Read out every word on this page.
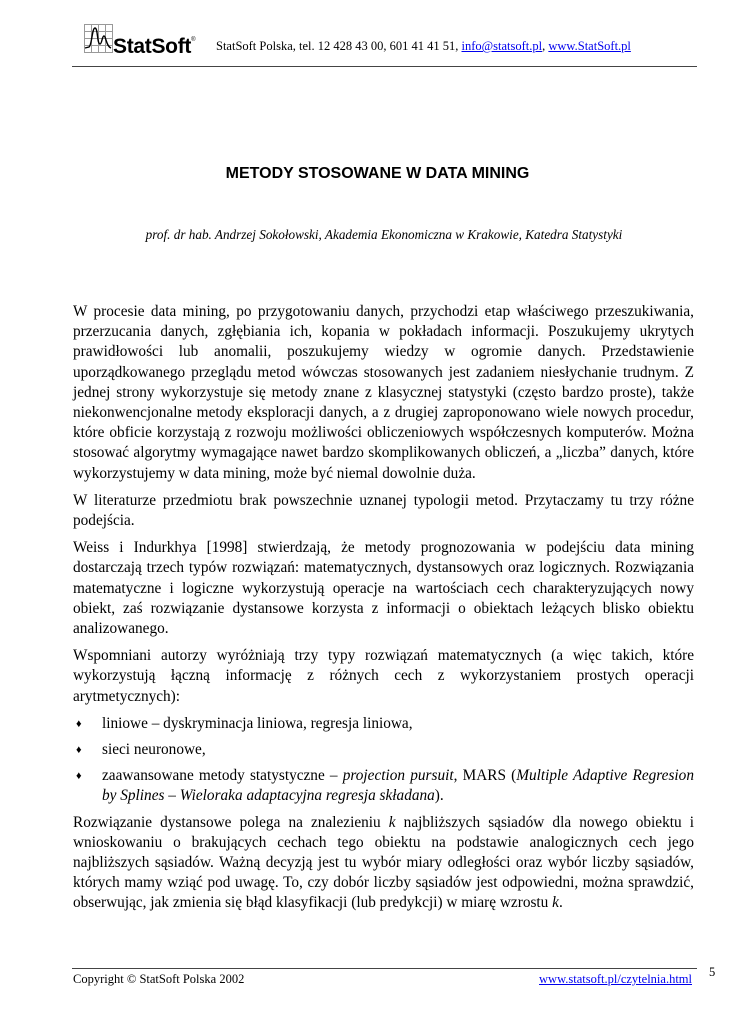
StatSoft® StatSoft Polska, tel. 12 428 43 00, 601 41 41 51, info@statsoft.pl, www.StatSoft.pl
METODY STOSOWANE W DATA MINING
prof. dr hab. Andrzej Sokołowski, Akademia Ekonomiczna w Krakowie, Katedra Statystyki

W procesie data mining, po przygotowaniu danych, przychodzi etap właściwego przeszukiwania, przerzucania danych, zgłębiania ich, kopania w pokładach informacji. Poszukujemy ukrytych prawidłowości lub anomalii, poszukujemy wiedzy w ogromie danych. Przedstawienie uporządkowanego przeglądu metod wówczas stosowanych jest zadaniem niesłychanie trudnym. Z jednej strony wykorzystuje się metody znane z klasycznej statystyki (często bardzo proste), także niekonwencjonalne metody eksploracji danych, a z drugiej zaproponowano wiele nowych procedur, które obficie korzystają z rozwoju możliwości obliczeniowych współczesnych komputerów. Można stosować algorytmy wymagające nawet bardzo skomplikowanych obliczeń, a „liczba” danych, które wykorzystujemy w data mining, może być niemal dowolnie duża.

W literaturze przedmiotu brak powszechnie uznanej typologii metod. Przytaczamy tu trzy różne podejścia.

Weiss i Indurkhya [1998] stwierdzają, że metody prognozowania w podejściu data mining dostarczają trzech typów rozwiązań: matematycznych, dystansowych oraz logicznych. Rozwiązania matematyczne i logiczne wykorzystują operacje na wartościach cech charakteryzujących nowy obiekt, zaś rozwiązanie dystansowe korzysta z informacji o obiektach leżących blisko obiektu analizowanego.

Wspomniani autorzy wyróżniają trzy typy rozwiązań matematycznych (a więc takich, które wykorzystują łączną informację z różnych cech z wykorzystaniem prostych operacji arytmetycznych):

♦ liniowe – dyskryminacja liniowa, regresja liniowa,
♦ sieci neuronowe,
♦ zaawansowane metody statystyczne – projection pursuit, MARS (Multiple Adaptive Regresion by Splines – Wieloraka adaptacyjna regresja składana).

Rozwiązanie dystansowe polega na znalezieniu k najbliższych sąsiadów dla nowego obiektu i wnioskowaniu o brakujących cechach tego obiektu na podstawie analogicznych cech jego najbliższych sąsiadów. Ważną decyzją jest tu wybór miary odległości oraz wybór liczby sąsiadów, których mamy wziąć pod uwagę. To, czy dobór liczby sąsiadów jest odpowiedni, można sprawdzić, obserwując, jak zmienia się błąd klasyfikacji (lub predykcji) w miarę wzrostu k.

Copyright © StatSoft Polska 2002	www.statsoft.pl/czytelnia.html 5
